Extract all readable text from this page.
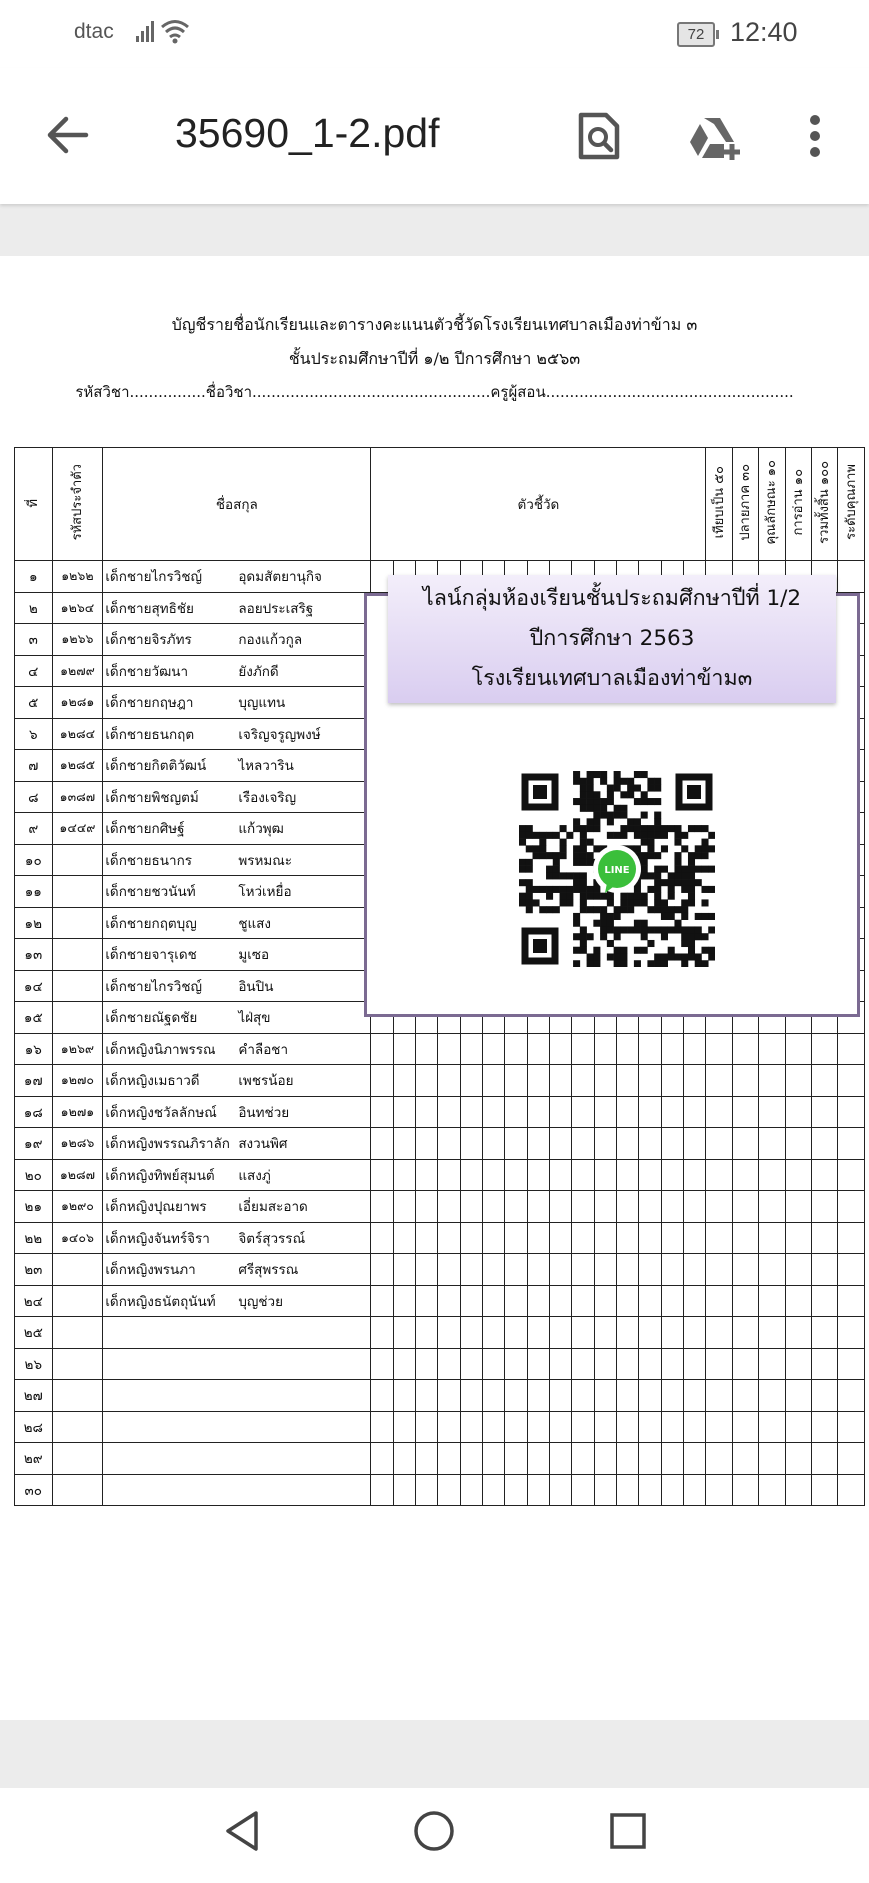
dtac	72 12:40
35690_1-2.pdf
บัญชีรายชื่อนักเรียนและตารางคะแนนตัวชี้วัดโรงเรียนเทศบาลเมืองท่าข้าม ๓
ชั้นประถมศึกษาปีที่ ๑/๒ ปีการศึกษา ๒๕๖๓
รหัสวิชา................ชื่อวิชา..................................................ครูผู้สอน....................................................
ที่	รหัสประจำตัว	ชื่อสกุล	ตัวชี้วัด															เทียบเป็น ๕๐	ปลายภาค ๓๐	คุณลักษณะ ๑๐	การอ่าน ๑๐	รวมทั้งสิ้น ๑๐๐	ระดับคุณภาพ
๑	๑๒๖๒	เด็กชายไกรวิชญ์ อุดมสัตยานุกิจ																					
๒	๑๒๖๔	เด็กชายสุทธิชัย ลอยประเสริฐ																					
๓	๑๒๖๖	เด็กชายจิรภัทร กองแก้วกูล																					
๔	๑๒๗๙	เด็กชายวัฒนา ยังภักดี																					
๕	๑๒๘๑	เด็กชายกฤษฎา บุญแทน																					
๖	๑๒๘๔	เด็กชายธนกฤต เจริญจรูญพงษ์																					
๗	๑๒๘๕	เด็กชายกิตติวัฒน์ ไหลวาริน																					
๘	๑๓๘๗	เด็กชายพิชญตม์ เรืองเจริญ																					
๙	๑๔๔๙	เด็กชายกศิษฐ์ แก้วพุฒ																					
๑๐		เด็กชายธนากร พรหมณะ																					
๑๑		เด็กชายชวนันท์ โหว่เหยื่อ																					
๑๒		เด็กชายกฤตบุญ ชูแสง																					
๑๓		เด็กชายจารุเดช มูเซอ																					
๑๔		เด็กชายไกรวิชญ์ อินปิน																					
๑๕		เด็กชายณัฐดชัย ไฝ่สุข																					
๑๖	๑๒๖๙	เด็กหญิงนิภาพรรณ คำลือชา																					
๑๗	๑๒๗๐	เด็กหญิงเมธาวดี เพชรน้อย																					
๑๘	๑๒๗๑	เด็กหญิงชวัลลักษณ์ อินทช่วย																					
๑๙	๑๒๘๖	เด็กหญิงพรรณภิราลัก สงวนพิศ																					
๒๐	๑๒๘๗	เด็กหญิงทิพย์สุมนต์ แสงภู่																					
๒๑	๑๒๙๐	เด็กหญิงปุณยาพร เอี่ยมสะอาด																					
๒๒	๑๔๐๖	เด็กหญิงจันทร์จิรา จิตร์สุวรรณ์																					
๒๓		เด็กหญิงพรนภา ศรีสุพรรณ																					
๒๔		เด็กหญิงธนัตถุนันท์ บุญช่วย																					
๒๕																							
๒๖																							
๒๗																							
๒๘																							
๒๙																							
๓๐																							
ไลน์กลุ่มห้องเรียนชั้นประถมศึกษาปีที่ 1/2
ปีการศึกษา 2563
โรงเรียนเทศบาลเมืองท่าข้าม๓
LINE
